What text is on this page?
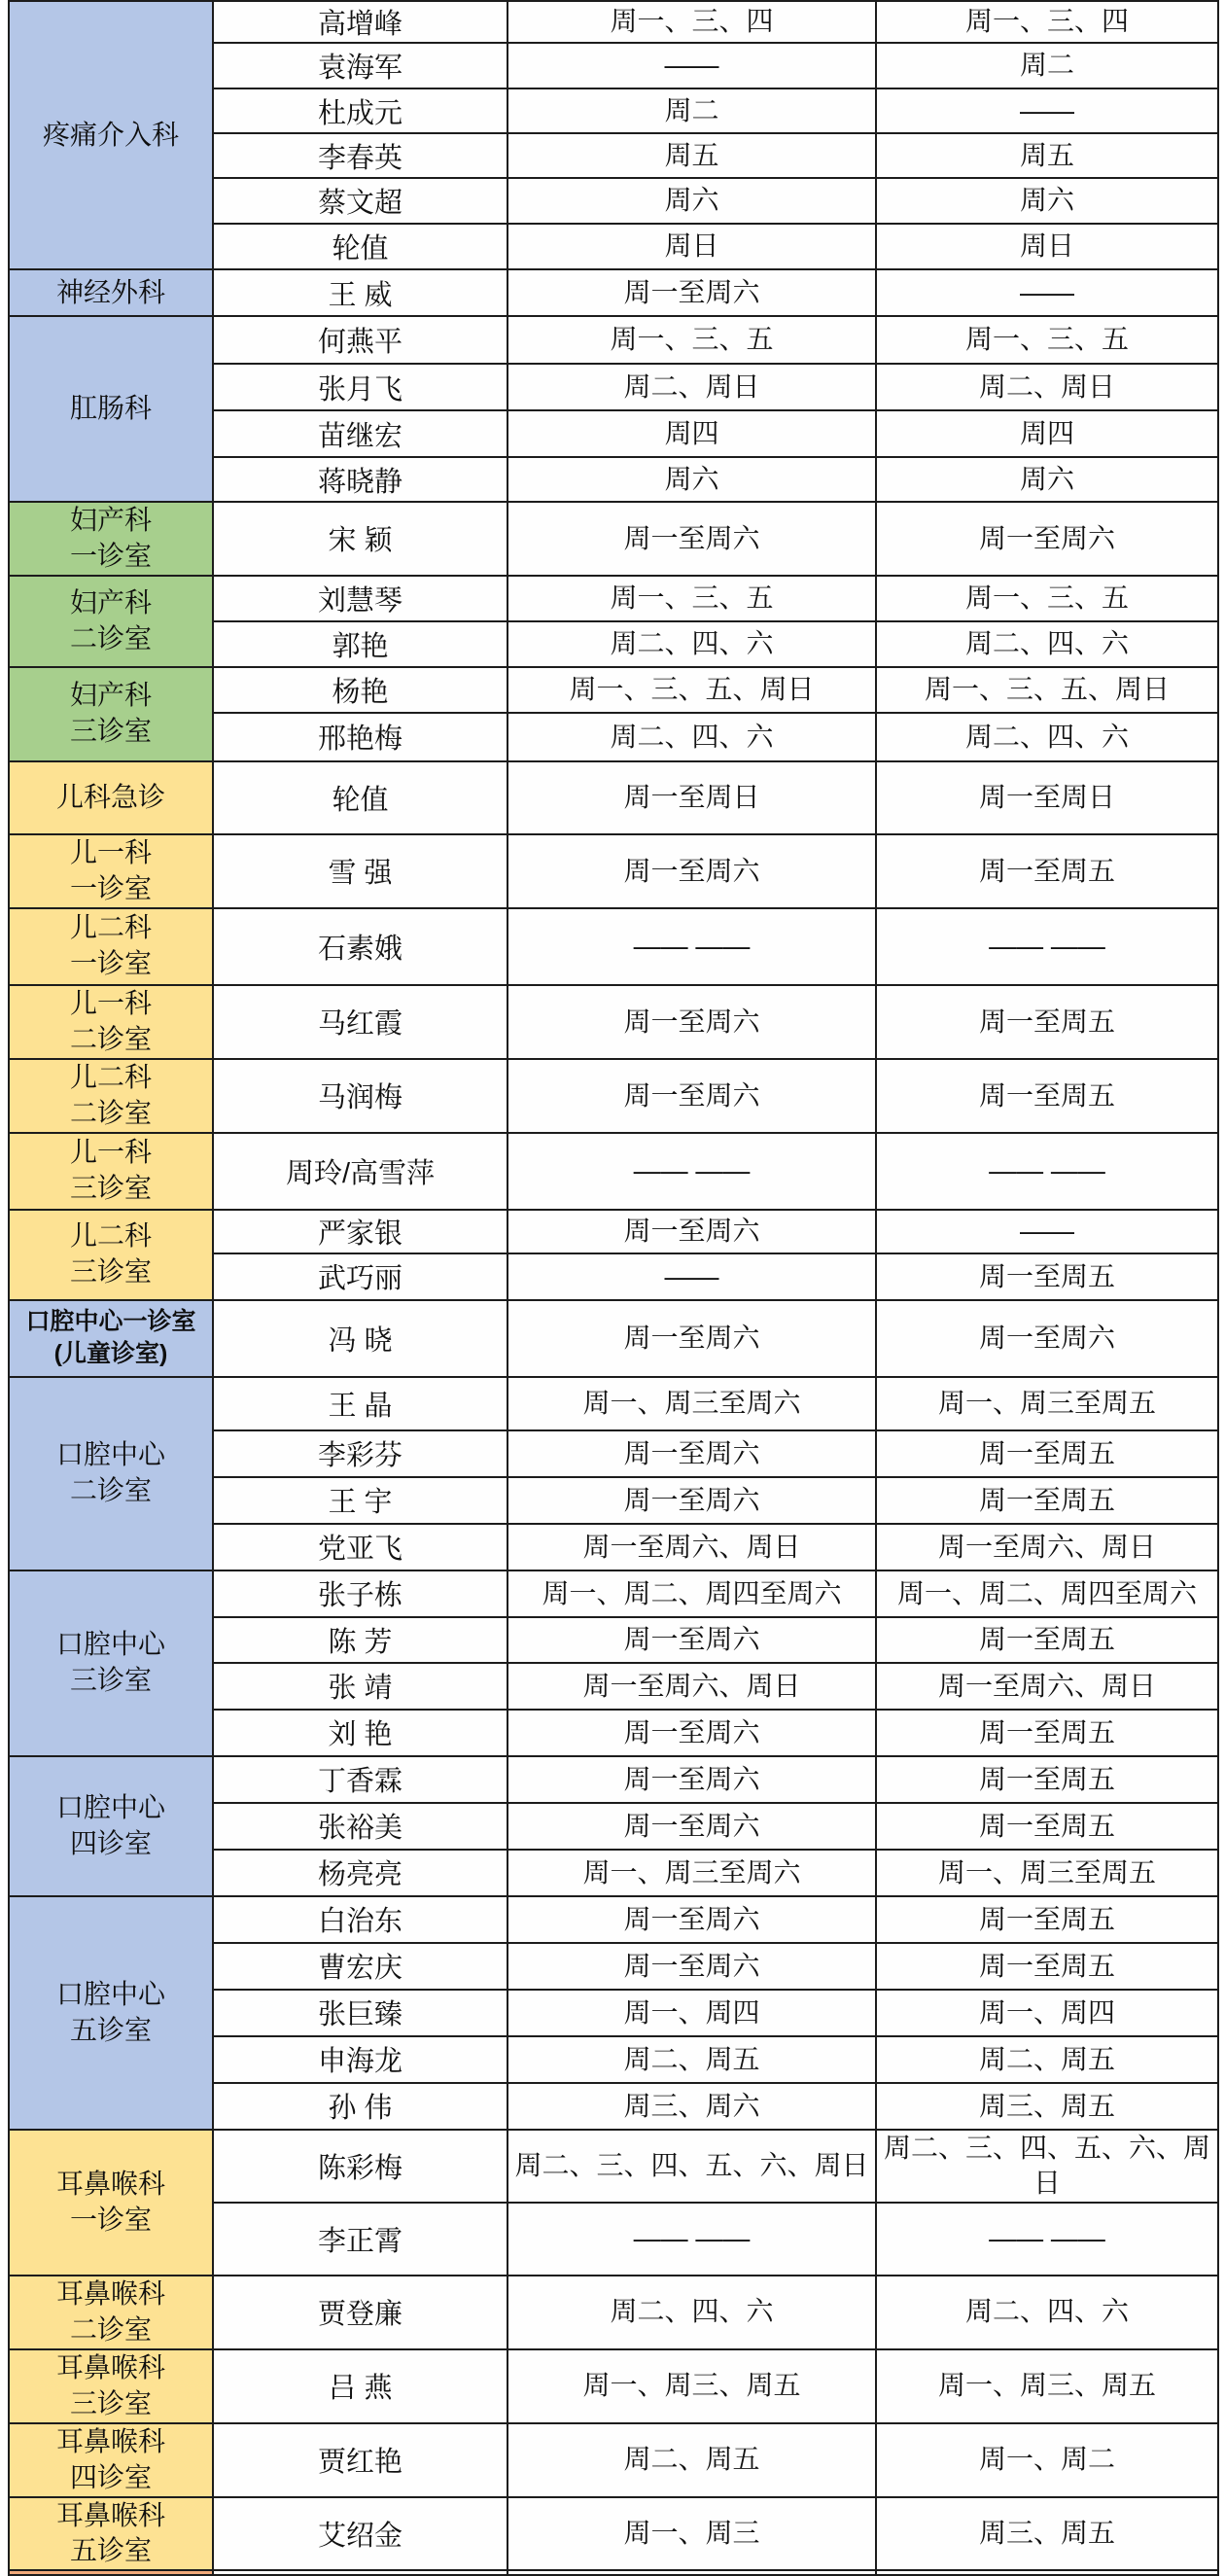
疼痛介入科	高增峰	周一、三、四	周一、三、四
	袁海军	——	周二
	杜成元	周二	——
	李春英	周五	周五
	蔡文超	周六	周六
	轮值	周日	周日

神经外科	王 威	周一至周六	——

肛肠科	何燕平	周一、三、五	周一、三、五
	张月飞	周二、周日	周二、周日
	苗继宏	周四	周四
	蒋晓静	周六	周六

妇产科
一诊室	宋 颖	周一至周六	周一至周六

妇产科
二诊室	刘慧琴	周一、三、五	周一、三、五
	郭艳	周二、四、六	周二、四、六

妇产科
三诊室	杨艳	周一、三、五、周日	周一、三、五、周日
	邢艳梅	周二、四、六	周二、四、六

儿科急诊	轮值	周一至周日	周一至周日

儿一科
一诊室	雪 强	周一至周六	周一至周五

儿二科
一诊室	石素娥	—— ——	—— ——

儿一科
二诊室	马红霞	周一至周六	周一至周五

儿二科
二诊室	马润梅	周一至周六	周一至周五

儿一科
三诊室	周玲/高雪萍	—— ——	—— ——

儿二科
三诊室	严家银	周一至周六	——
	武巧丽	——	周一至周五

口腔中心一诊室
(儿童诊室)	冯 晓	周一至周六	周一至周六

口腔中心
二诊室	王 晶	周一、周三至周六	周一、周三至周五
	李彩芬	周一至周六	周一至周五
	王 宇	周一至周六	周一至周五
	党亚飞	周一至周六、周日	周一至周六、周日

口腔中心
三诊室	张子栋	周一、周二、周四至周六	周一、周二、周四至周六
	陈 芳	周一至周六	周一至周五
	张 靖	周一至周六、周日	周一至周六、周日
	刘 艳	周一至周六	周一至周五

口腔中心
四诊室	丁香霖	周一至周六	周一至周五
	张裕美	周一至周六	周一至周五
	杨亮亮	周一、周三至周六	周一、周三至周五

口腔中心
五诊室	白治东	周一至周六	周一至周五
	曹宏庆	周一至周六	周一至周五
	张巨臻	周一、周四	周一、周四
	申海龙	周二、周五	周二、周五
	孙 伟	周三、周六	周三、周五

耳鼻喉科
一诊室	陈彩梅	周二、三、四、五、六、周日	周二、三、四、五、六、周日
	李正霄	—— ——	—— ——

耳鼻喉科
二诊室	贾登廉	周二、四、六	周二、四、六

耳鼻喉科
三诊室	吕 燕	周一、周三、周五	周一、周三、周五

耳鼻喉科
四诊室	贾红艳	周二、周五	周一、周二

耳鼻喉科
五诊室	艾绍金	周一、周三	周三、周五
